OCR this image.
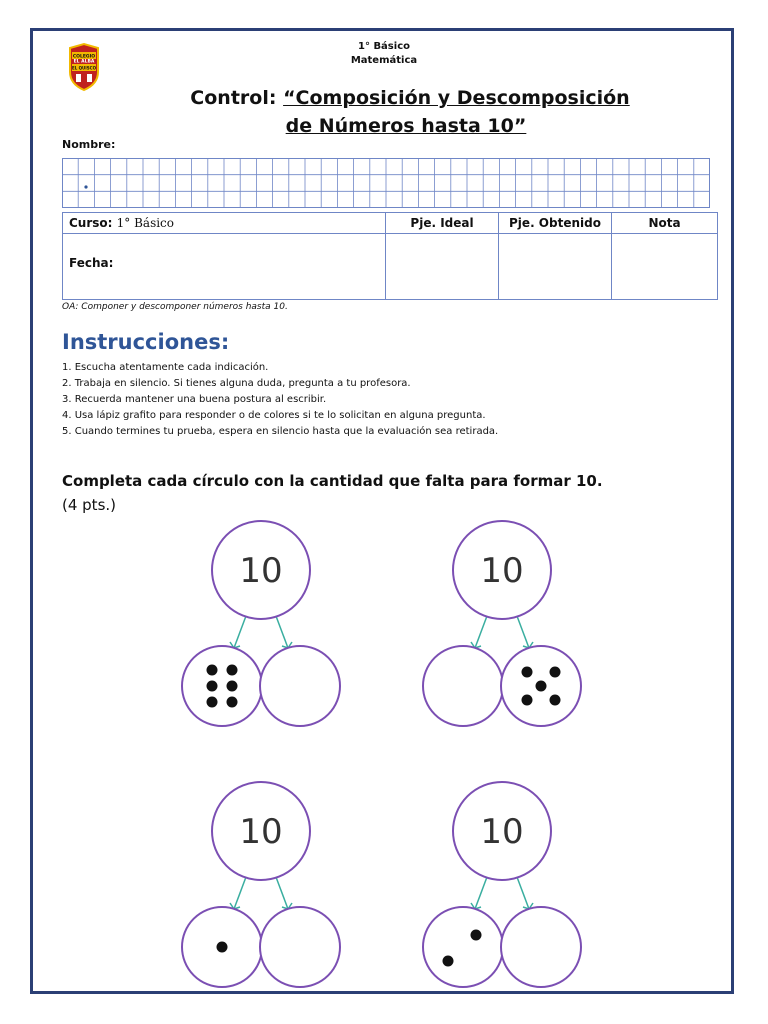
COLEGIO
EL ALBA
EL QUISCO
1° Básico
Matemática
Control: “Composición y Descomposición
de Números hasta 10”
Nombre:
Curso: 1° Básico	Pje. Ideal	Pje. Obtenido	Nota
Fecha:			
OA: Componer y descomponer números hasta 10.
Instrucciones:
1. Escucha atentamente cada indicación.
2. Trabaja en silencio. Si tienes alguna duda, pregunta a tu profesora.
3. Recuerda mantener una buena postura al escribir.
4. Usa lápiz grafito para responder o de colores si te lo solicitan en alguna pregunta.
5. Cuando termines tu prueba, espera en silencio hasta que la evaluación sea retirada.
Completa cada círculo con la cantidad que falta para formar 10.
(4 pts.)
10	10
10	10
